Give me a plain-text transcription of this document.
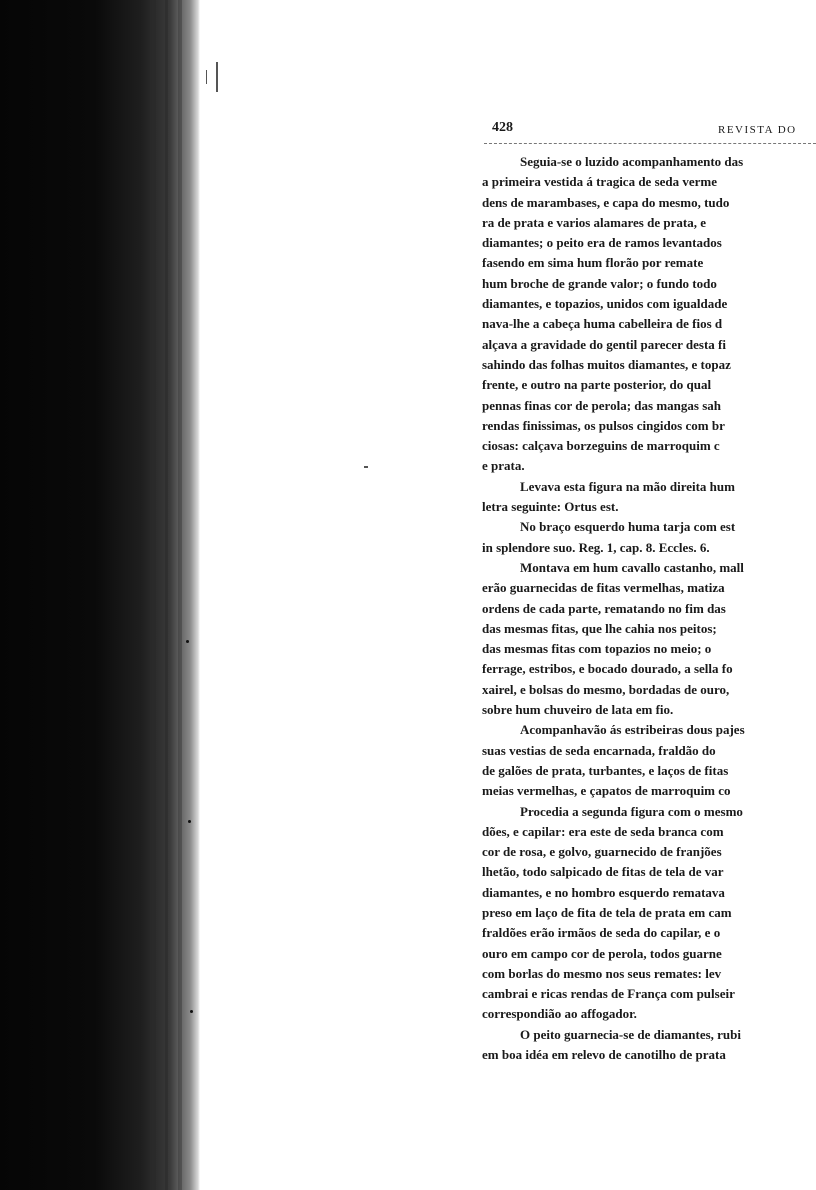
428	REVISTA DO
Seguia-se o luzido acompanhamento das
a primeira vestida á tragica de seda verme
dens de marambases, e capa do mesmo, tudo
ra de prata e varios alamares de prata, e
diamantes; o peito era de ramos levantados
fasendo em sima hum florão por remate
hum broche de grande valor; o fundo todo
diamantes, e topazios, unidos com igualdade
nava-lhe a cabeça huma cabelleira de fios d
alçava a gravidade do gentil parecer desta fi
sahindo das folhas muitos diamantes, e topaz
frente, e outro na parte posterior, do qual
pennas finas cor de perola; das mangas sah
rendas finissimas, os pulsos cingidos com br
ciosas: calçava borzeguins de marroquim c
e prata.
Levava esta figura na mão direita hum
letra seguinte: Ortus est.
No braço esquerdo huma tarja com est
in splendore suo. Reg. 1, cap. 8. Eccles. 6.
Montava em hum cavallo castanho, mall
erão guarnecidas de fitas vermelhas, matiza
ordens de cada parte, rematando no fim das
das mesmas fitas, que lhe cahia nos peitos;
das mesmas fitas com topazios no meio; o
ferrage, estribos, e bocado dourado, a sella fo
xairel, e bolsas do mesmo, bordadas de ouro,
sobre hum chuveiro de lata em fio.
Acompanhavão ás estribeiras dous pajes
suas vestias de seda encarnada, fraldão do
de galões de prata, turbantes, e laços de fitas
meias vermelhas, e çapatos de marroquim co
Procedia a segunda figura com o mesmo
dões, e capilar: era este de seda branca com
cor de rosa, e golvo, guarnecido de franjões
lhetão, todo salpicado de fitas de tela de var
diamantes, e no hombro esquerdo rematava
preso em laço de fita de tela de prata em cam
fraldões erão irmãos de seda do capilar, e o
ouro em campo cor de perola, todos guarne
com borlas do mesmo nos seus remates: lev
cambrai e ricas rendas de França com pulseir
correspondião ao affogador.
O peito guarnecia-se de diamantes, rubi
em boa idéa em relevo de canotilho de prata
